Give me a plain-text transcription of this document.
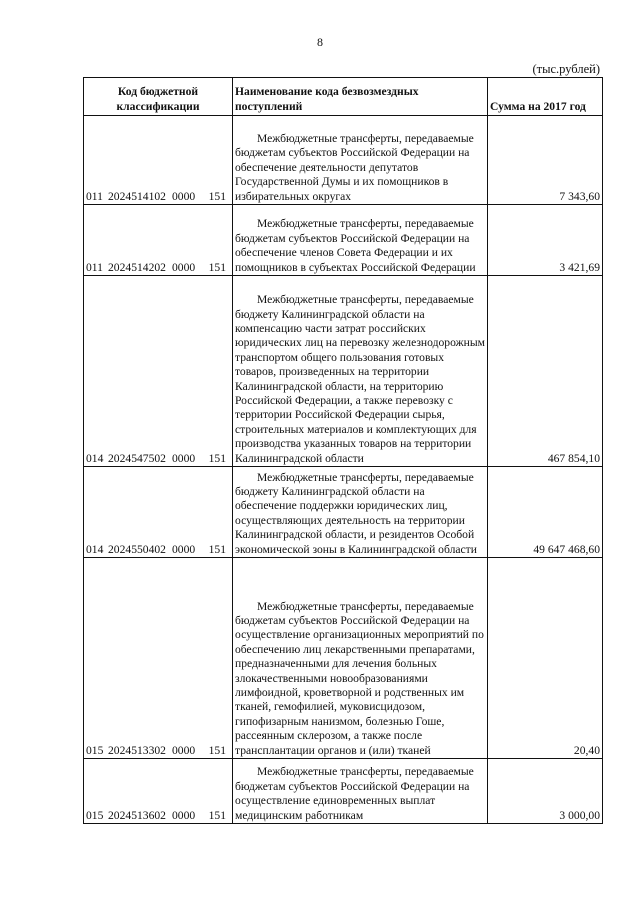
8
(тыс.рублей)
Код бюджетной классификации	Наименование кода безвозмездных поступлений	Сумма на 2017 год
011 2024514102 0000 151	Межбюджетные трансферты, передаваемые бюджетам субъектов Российской Федерации на обеспечение деятельности депутатов Государственной Думы и их помощников в избирательных округах	7 343,60
011 2024514202 0000 151	Межбюджетные трансферты, передаваемые бюджетам субъектов Российской Федерации на обеспечение членов Совета Федерации и их помощников в субъектах Российской Федерации	3 421,69
014 2024547502 0000 151	Межбюджетные трансферты, передаваемые бюджету Калининградской области на компенсацию части затрат российских юридических лиц на перевозку железнодорожным транспортом общего пользования готовых товаров, произведенных на территории Калининградской области, на территорию Российской Федерации, а также перевозку с территории Российской Федерации сырья, строительных материалов и комплектующих для производства указанных товаров на территории Калининградской области	467 854,10
014 2024550402 0000 151	Межбюджетные трансферты, передаваемые бюджету Калининградской области на обеспечение поддержки юридических лиц, осуществляющих деятельность на территории Калининградской области, и резидентов Особой экономической зоны в Калининградской области	49 647 468,60
015 2024513302 0000 151	Межбюджетные трансферты, передаваемые бюджетам субъектов Российской Федерации на осуществление организационных мероприятий по обеспечению лиц лекарственными препаратами, предназначенными для лечения больных злокачественными новообразованиями лимфоидной, кроветворной и родственных им тканей, гемофилией, муковисцидозом, гипофизарным нанизмом, болезнью Гоше, рассеянным склерозом, а также после трансплантации органов и (или) тканей	20,40
015 2024513602 0000 151	Межбюджетные трансферты, передаваемые бюджетам субъектов Российской Федерации на осуществление единовременных выплат медицинским работникам	3 000,00
